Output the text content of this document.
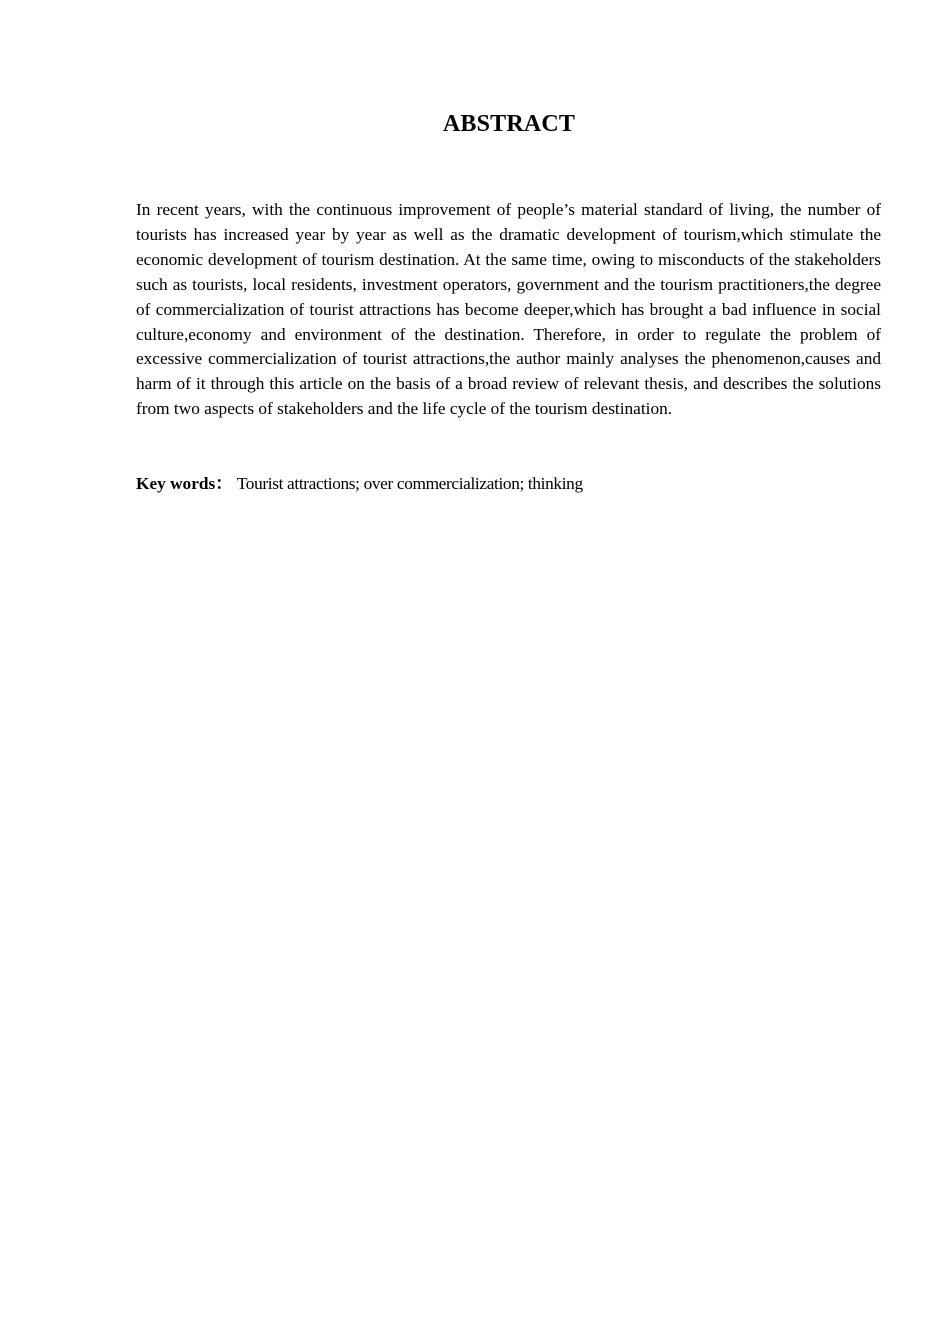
ABSTRACT

In recent years, with the continuous improvement of people’s material standard of living, the number of tourists has increased year by year as well as the dramatic development of tourism,which stimulate the economic development of tourism destination. At the same time, owing to misconducts of the stakeholders such as tourists, local residents, investment operators, government and the tourism practitioners,the degree of commercialization of tourist attractions has become deeper,which has brought a bad influence in social culture,economy and environment of the destination. Therefore, in order to regulate the problem of excessive commercialization of tourist attractions,the author mainly analyses the phenomenon,causes and harm of it through this article on the basis of a broad review of relevant thesis, and describes the solutions from two aspects of stakeholders and the life cycle of the tourism destination.

Key words： Tourist attractions; over commercialization; thinking
